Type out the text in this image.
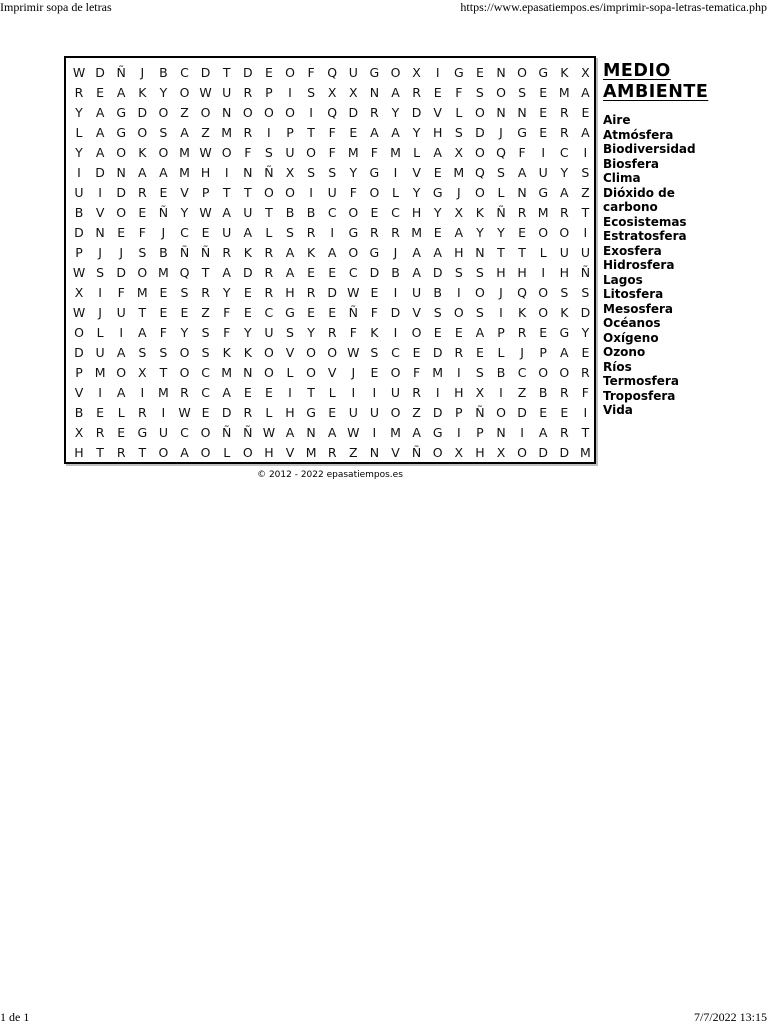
Imprimir sopa de letras	https://www.epasatiempos.es/imprimir-sopa-letras-tematica.php
W D Ñ	J	B C D T D E O	F	Q U G O X	I	G E N O G K	X
R	E	A	K	Y O W U R	P	I	S	X	X N A R	E	F	S O S	E M A
Y	A G D O Z O N O O O	I	Q D R	Y D V	L	O N N E	R	E
L	A G O S	A	Z M R	I	P	T	F	E	A	A	Y	H S D	J	G E	R A
Y	A O K O M W O	F	S	U O	F M F M L	A	X O Q	F	I	C	I
I	D N A	A M H	I	N Ñ X	S	S	Y G	I	V	E M Q S	A U	Y	S
U	I	D R	E	V	P	T	T O O	I	U	F	O	L	Y G	J	O	L	N G A	Z
B	V O E Ñ	Y W A U	T	B	B C O E	C H	Y	X	K Ñ R M R	T
D N E	F	J	C	E	U A	L	S	R	I	G R R M E	A	Y	Y	E O O	I
P	J	J	S	B Ñ Ñ R	K	R A	K	A O G	J	A	A H N	T	T	L	U U
W S D O M Q T	A D R A	E	E	C D B	A D S	S H H	I	H Ñ
X	I	F M E	S	R	Y	E	R H R D W E	I	U B	I	O	J	Q O S	S
W	J	U	T	E	E	Z	F	E	C G E	E Ñ	F	D V	S O S	I	K O K D
O	L	I	A	F	Y	S	F	Y	U	S	Y	R	F	K	I	O E	E	A	P	R	E G Y
D U A	S	S O S	K	K O V O O W S	C	E D R	E	L	J	P	A	E
P M O X	T O C M N O	L	O V	J	E O	F M	I	S	B C O O R
V	I	A	I	M R C A	E	E	I	T	L	I	I	U R	I	H X	I	Z	B R	F
B	E	L	R	I	W E D R	L	H G E	U U O Z D	P	Ñ O D E	E	I
X R	E G U C O Ñ Ñ W A N A W	I	M A G	I	P	N	I	A R	T
H	T	R	T O A O	L	O H V M R Z N V Ñ O X H X O D D M
© 2012 - 2022 epasatiempos.es
MEDIO
AMBIENTE
Aire
Atmósfera
Biodiversidad
Biosfera
Clima
Dióxido de carbono
Ecosistemas
Estratosfera
Exosfera
Hidrosfera
Lagos
Litosfera
Mesosfera
Océanos
Oxígeno
Ozono
Ríos
Termosfera
Troposfera
Vida
1 de 1	7/7/2022 13:15
